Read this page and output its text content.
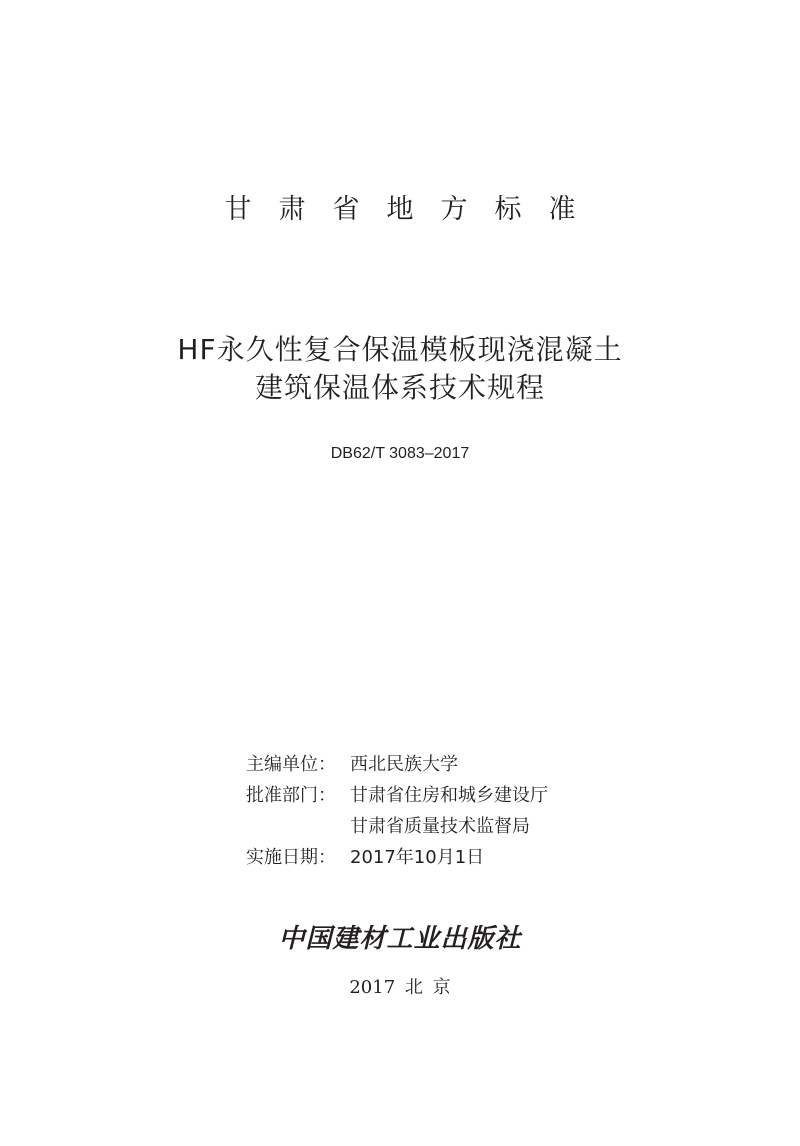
甘肃省地方标准
HF永久性复合保温模板现浇混凝土
建筑保温体系技术规程
DB62/T 3083–2017
主编单位： 西北民族大学
批准部门： 甘肃省住房和城乡建设厅
甘肃省质量技术监督局
实施日期： 2017年10月1日
中国建材工业出版社
2017 北 京
